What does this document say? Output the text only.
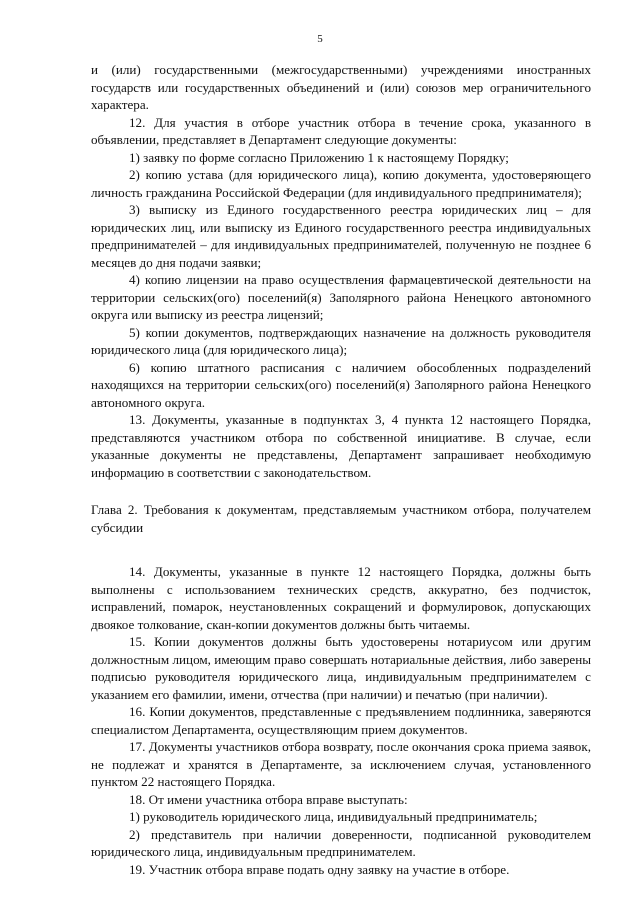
5

и (или) государственными (межгосударственными) учреждениями иностранных государств или государственных объединений и (или) союзов мер ограничительного характера.

12. Для участия в отборе участник отбора в течение срока, указанного в объявлении, представляет в Департамент следующие документы:

1) заявку по форме согласно Приложению 1 к настоящему Порядку;

2) копию устава (для юридического лица), копию документа, удостоверяющего личность гражданина Российской Федерации (для индивидуального предпринимателя);

3) выписку из Единого государственного реестра юридических лиц – для юридических лиц, или выписку из Единого государственного реестра индивидуальных предпринимателей – для индивидуальных предпринимателей, полученную не позднее 6 месяцев до дня подачи заявки;

4) копию лицензии на право осуществления фармацевтической деятельности на территории сельских(ого) поселений(я) Заполярного района Ненецкого автономного округа или выписку из реестра лицензий;

5) копии документов, подтверждающих назначение на должность руководителя юридического лица (для юридического лица);

6) копию штатного расписания с наличием обособленных подразделений находящихся на территории сельских(ого) поселений(я) Заполярного района Ненецкого автономного округа.

13. Документы, указанные в подпунктах 3, 4 пункта 12 настоящего Порядка, представляются участником отбора по собственной инициативе. В случае, если указанные документы не представлены, Департамент запрашивает необходимую информацию в соответствии с законодательством.

Глава 2. Требования к документам, представляемым участником отбора, получателем субсидии

14. Документы, указанные в пункте 12 настоящего Порядка, должны быть выполнены с использованием технических средств, аккуратно, без подчисток, исправлений, помарок, неустановленных сокращений и формулировок, допускающих двоякое толкование, скан-копии документов должны быть читаемы.

15. Копии документов должны быть удостоверены нотариусом или другим должностным лицом, имеющим право совершать нотариальные действия, либо заверены подписью руководителя юридического лица, индивидуальным предпринимателем с указанием его фамилии, имени, отчества (при наличии) и печатью (при наличии).

16. Копии документов, представленные с предъявлением подлинника, заверяются специалистом Департамента, осуществляющим прием документов.

17. Документы участников отбора возврату, после окончания срока приема заявок, не подлежат и хранятся в Департаменте, за исключением случая, установленного пунктом 22 настоящего Порядка.

18. От имени участника отбора вправе выступать:

1) руководитель юридического лица, индивидуальный предприниматель;

2) представитель при наличии доверенности, подписанной руководителем юридического лица, индивидуальным предпринимателем.

19. Участник отбора вправе подать одну заявку на участие в отборе.
